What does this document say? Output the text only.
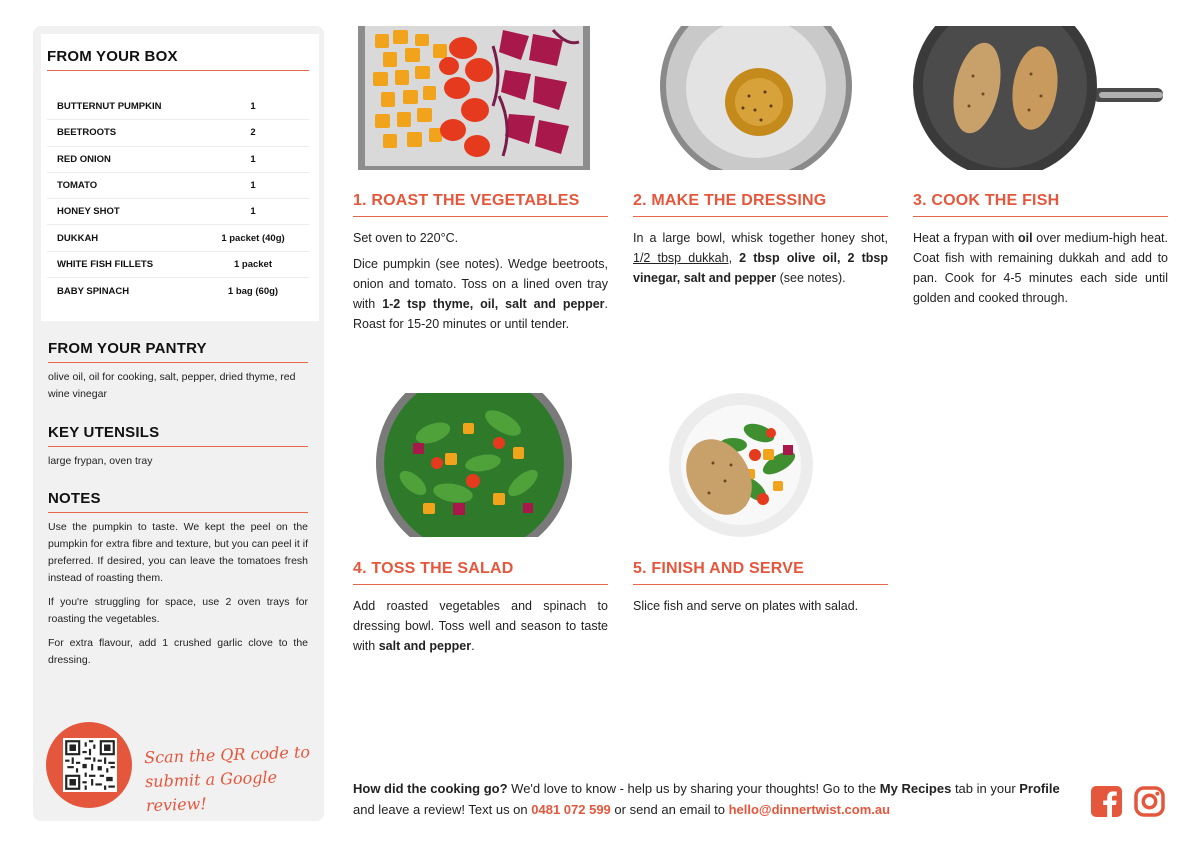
FROM YOUR BOX
BUTTERNUT PUMPKIN	1
BEETROOTS	2
RED ONION	1
TOMATO	1
HONEY SHOT	1
DUKKAH	1 packet (40g)
WHITE FISH FILLETS	1 packet
BABY SPINACH	1 bag (60g)
FROM YOUR PANTRY
olive oil, oil for cooking, salt, pepper, dried thyme, red wine vinegar
KEY UTENSILS
large frypan, oven tray
NOTES

Use the pumpkin to taste. We kept the peel on the pumpkin for extra fibre and texture, but you can peel it if preferred. If desired, you can leave the tomatoes fresh instead of roasting them.

If you're struggling for space, use 2 oven trays for roasting the vegetables.

For extra flavour, add 1 crushed garlic clove to the dressing.

Scan the QR code to
submit a Google review!
1. ROAST THE VEGETABLES

Set oven to 220°C.

Dice pumpkin (see notes). Wedge beetroots, onion and tomato. Toss on a lined oven tray with 1-2 tsp thyme, oil, salt and pepper. Roast for 15-20 minutes or until tender.

2. MAKE THE DRESSING

In a large bowl, whisk together honey shot, 1/2 tbsp dukkah, 2 tbsp olive oil, 2 tbsp vinegar, salt and pepper (see notes).

3. COOK THE FISH

Heat a frypan with oil over medium-high heat. Coat fish with remaining dukkah and add to pan. Cook for 4-5 minutes each side until golden and cooked through.

4. TOSS THE SALAD

Add roasted vegetables and spinach to dressing bowl. Toss well and season to taste with salt and pepper.

5. FINISH AND SERVE

Slice fish and serve on plates with salad.

How did the cooking go? We'd love to know - help us by sharing your thoughts! Go to the My Recipes tab in your Profile and leave a review! Text us on 0481 072 599 or send an email to hello@dinnertwist.com.au
